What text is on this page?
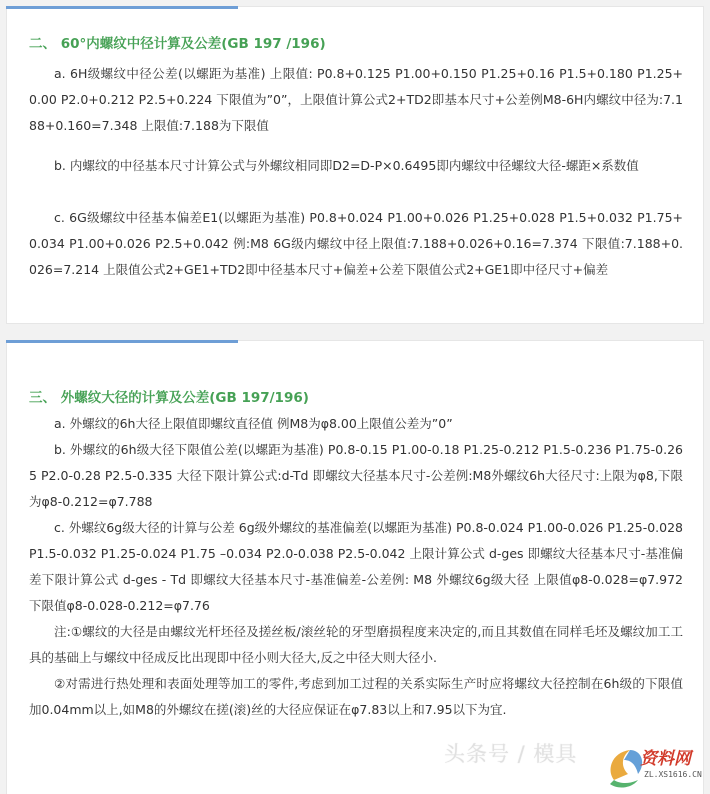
二、 60°内螺纹中径计算及公差(GB 197 /196)

a. 6H级螺纹中径公差(以螺距为基准) 上限值: P0.8+0.125 P1.00+0.150 P1.25+0.16 P1.5+0.180 P1.25+0.00 P2.0+0.212 P2.5+0.224 下限值为”0”，上限值计算公式2+TD2即基本尺寸+公差例M8-6H内螺纹中径为:7.188+0.160=7.348 上限值:7.188为下限值

b. 内螺纹的中径基本尺寸计算公式与外螺纹相同即D2=D-P×0.6495即内螺纹中径螺纹大径-螺距×系数值

c. 6G级螺纹中径基本偏差E1(以螺距为基准) P0.8+0.024 P1.00+0.026 P1.25+0.028 P1.5+0.032 P1.75+0.034 P1.00+0.026 P2.5+0.042 例:M8 6G级内螺纹中径上限值:7.188+0.026+0.16=7.374 下限值:7.188+0.026=7.214 上限值公式2+GE1+TD2即中径基本尺寸+偏差+公差下限值公式2+GE1即中径尺寸+偏差

三、 外螺纹大径的计算及公差(GB 197/196)

a. 外螺纹的6h大径上限值即螺纹直径值 例M8为φ8.00上限值公差为”0”

b. 外螺纹的6h级大径下限值公差(以螺距为基准) P0.8-0.15 P1.00-0.18 P1.25-0.212 P1.5-0.236 P1.75-0.265 P2.0-0.28 P2.5-0.335 大径下限计算公式:d-Td 即螺纹大径基本尺寸-公差例:M8外螺纹6h大径尺寸:上限为φ8,下限为φ8-0.212=φ7.788

c. 外螺纹6g级大径的计算与公差 6g级外螺纹的基准偏差(以螺距为基准) P0.8-0.024 P1.00-0.026 P1.25-0.028 P1.5-0.032 P1.25-0.024 P1.75 –0.034 P2.0-0.038 P2.5-0.042 上限计算公式 d-ges 即螺纹大径基本尺寸-基准偏差下限计算公式 d-ges - Td 即螺纹大径基本尺寸-基准偏差-公差例: M8 外螺纹6g级大径 上限值φ8-0.028=φ7.972 下限值φ8-0.028-0.212=φ7.76

注:①螺纹的大径是由螺纹光杆坯径及搓丝板/滚丝轮的牙型磨损程度来决定的,而且其数值在同样毛坯及螺纹加工工具的基础上与螺纹中径成反比出现即中径小则大径大,反之中径大则大径小.

②对需进行热处理和表面处理等加工的零件,考虑到加工过程的关系实际生产时应将螺纹大径控制在6h级的下限值加0.04mm以上,如M8的外螺纹在搓(滚)丝的大径应保证在φ7.83以上和7.95以下为宜.

头条号 / 模具	资料网
ZL.XS1616.CN
